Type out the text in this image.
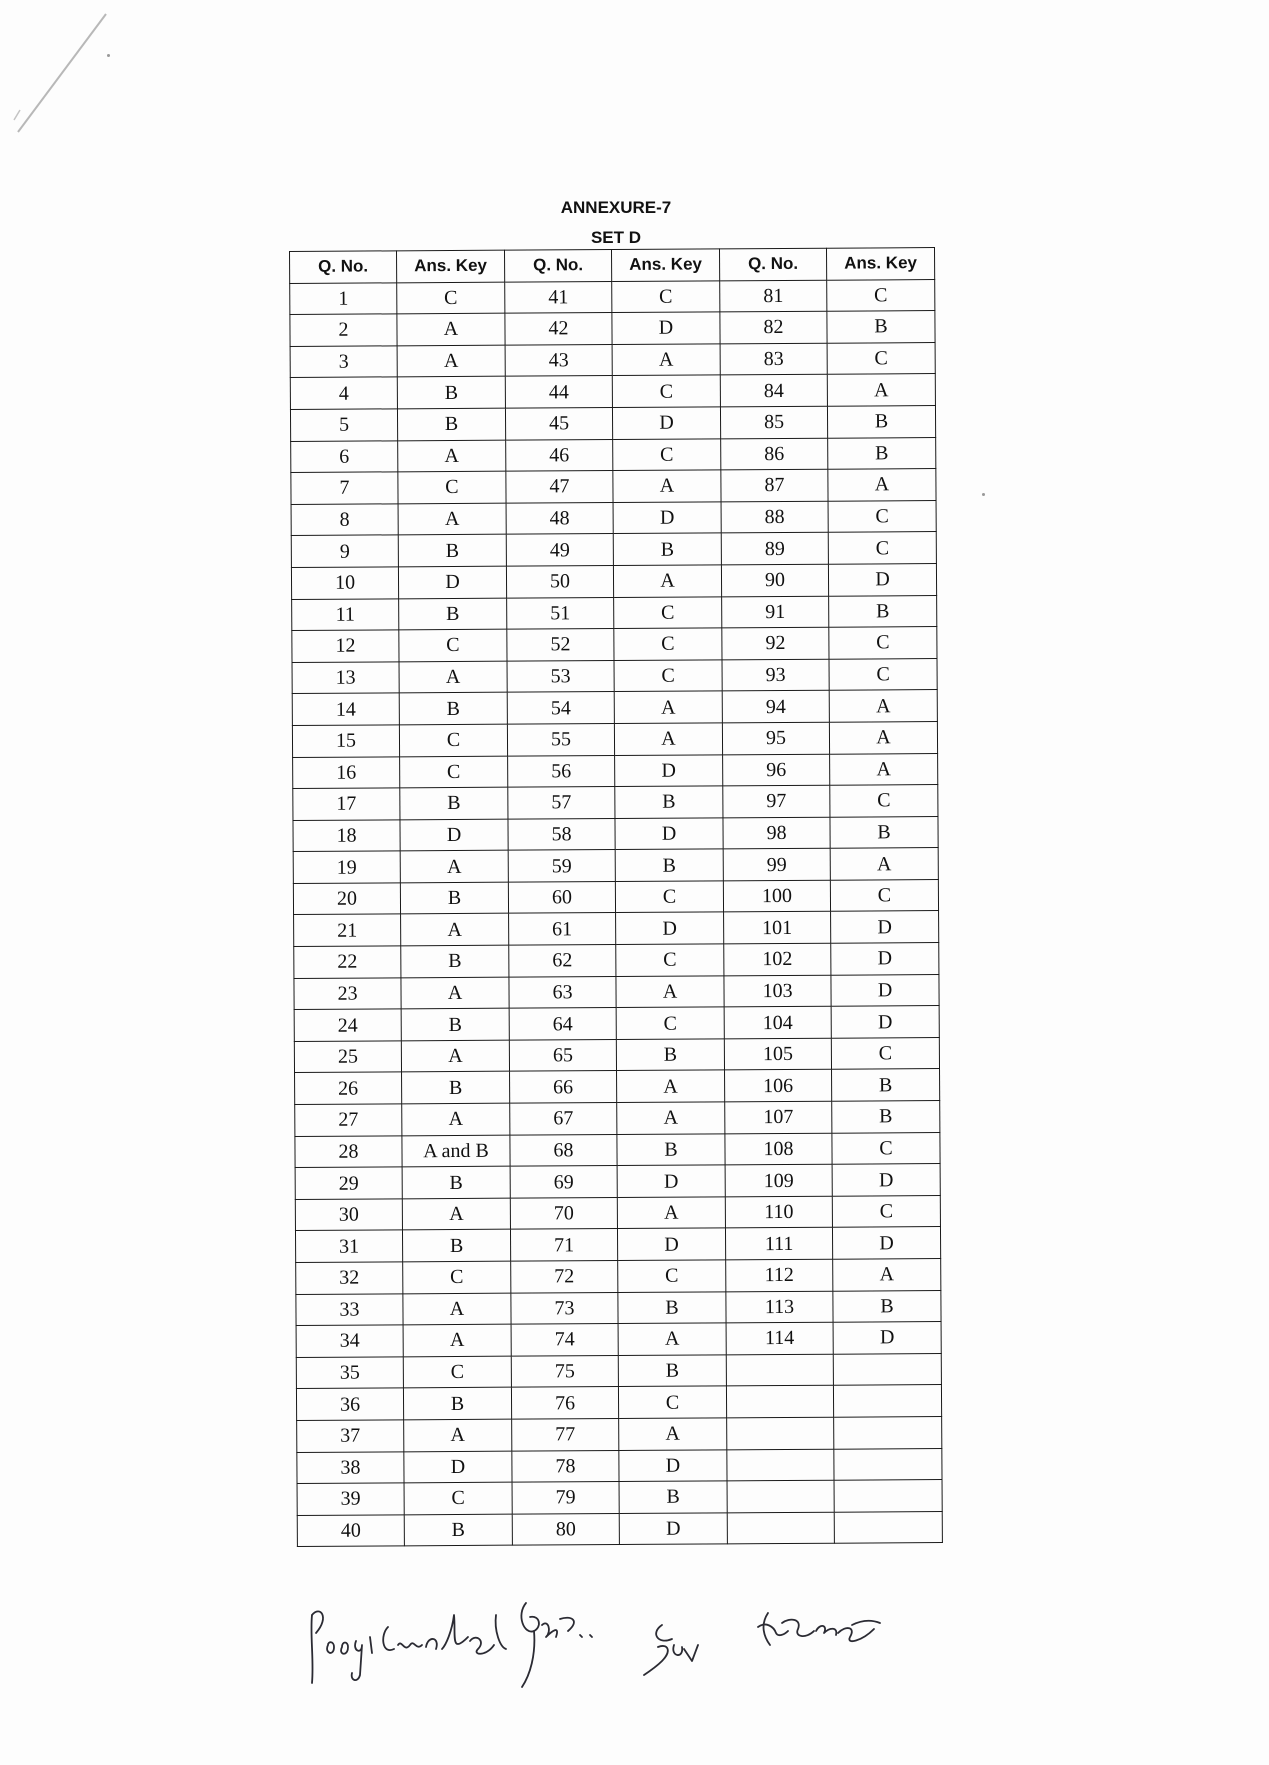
ANNEXURE-7
SET D
Q. No.	Ans. Key	Q. No.	Ans. Key	Q. No.	Ans. Key
1	C	41	C	81	C
2	A	42	D	82	B
3	A	43	A	83	C
4	B	44	C	84	A
5	B	45	D	85	B
6	A	46	C	86	B
7	C	47	A	87	A
8	A	48	D	88	C
9	B	49	B	89	C
10	D	50	A	90	D
11	B	51	C	91	B
12	C	52	C	92	C
13	A	53	C	93	C
14	B	54	A	94	A
15	C	55	A	95	A
16	C	56	D	96	A
17	B	57	B	97	C
18	D	58	D	98	B
19	A	59	B	99	A
20	B	60	C	100	C
21	A	61	D	101	D
22	B	62	C	102	D
23	A	63	A	103	D
24	B	64	C	104	D
25	A	65	B	105	C
26	B	66	A	106	B
27	A	67	A	107	B
28	A and B	68	B	108	C
29	B	69	D	109	D
30	A	70	A	110	C
31	B	71	D	111	D
32	C	72	C	112	A
33	A	73	B	113	B
34	A	74	A	114	D
35	C	75	B		
36	B	76	C		
37	A	77	A		
38	D	78	D		
39	C	79	B		
40	B	80	D		
